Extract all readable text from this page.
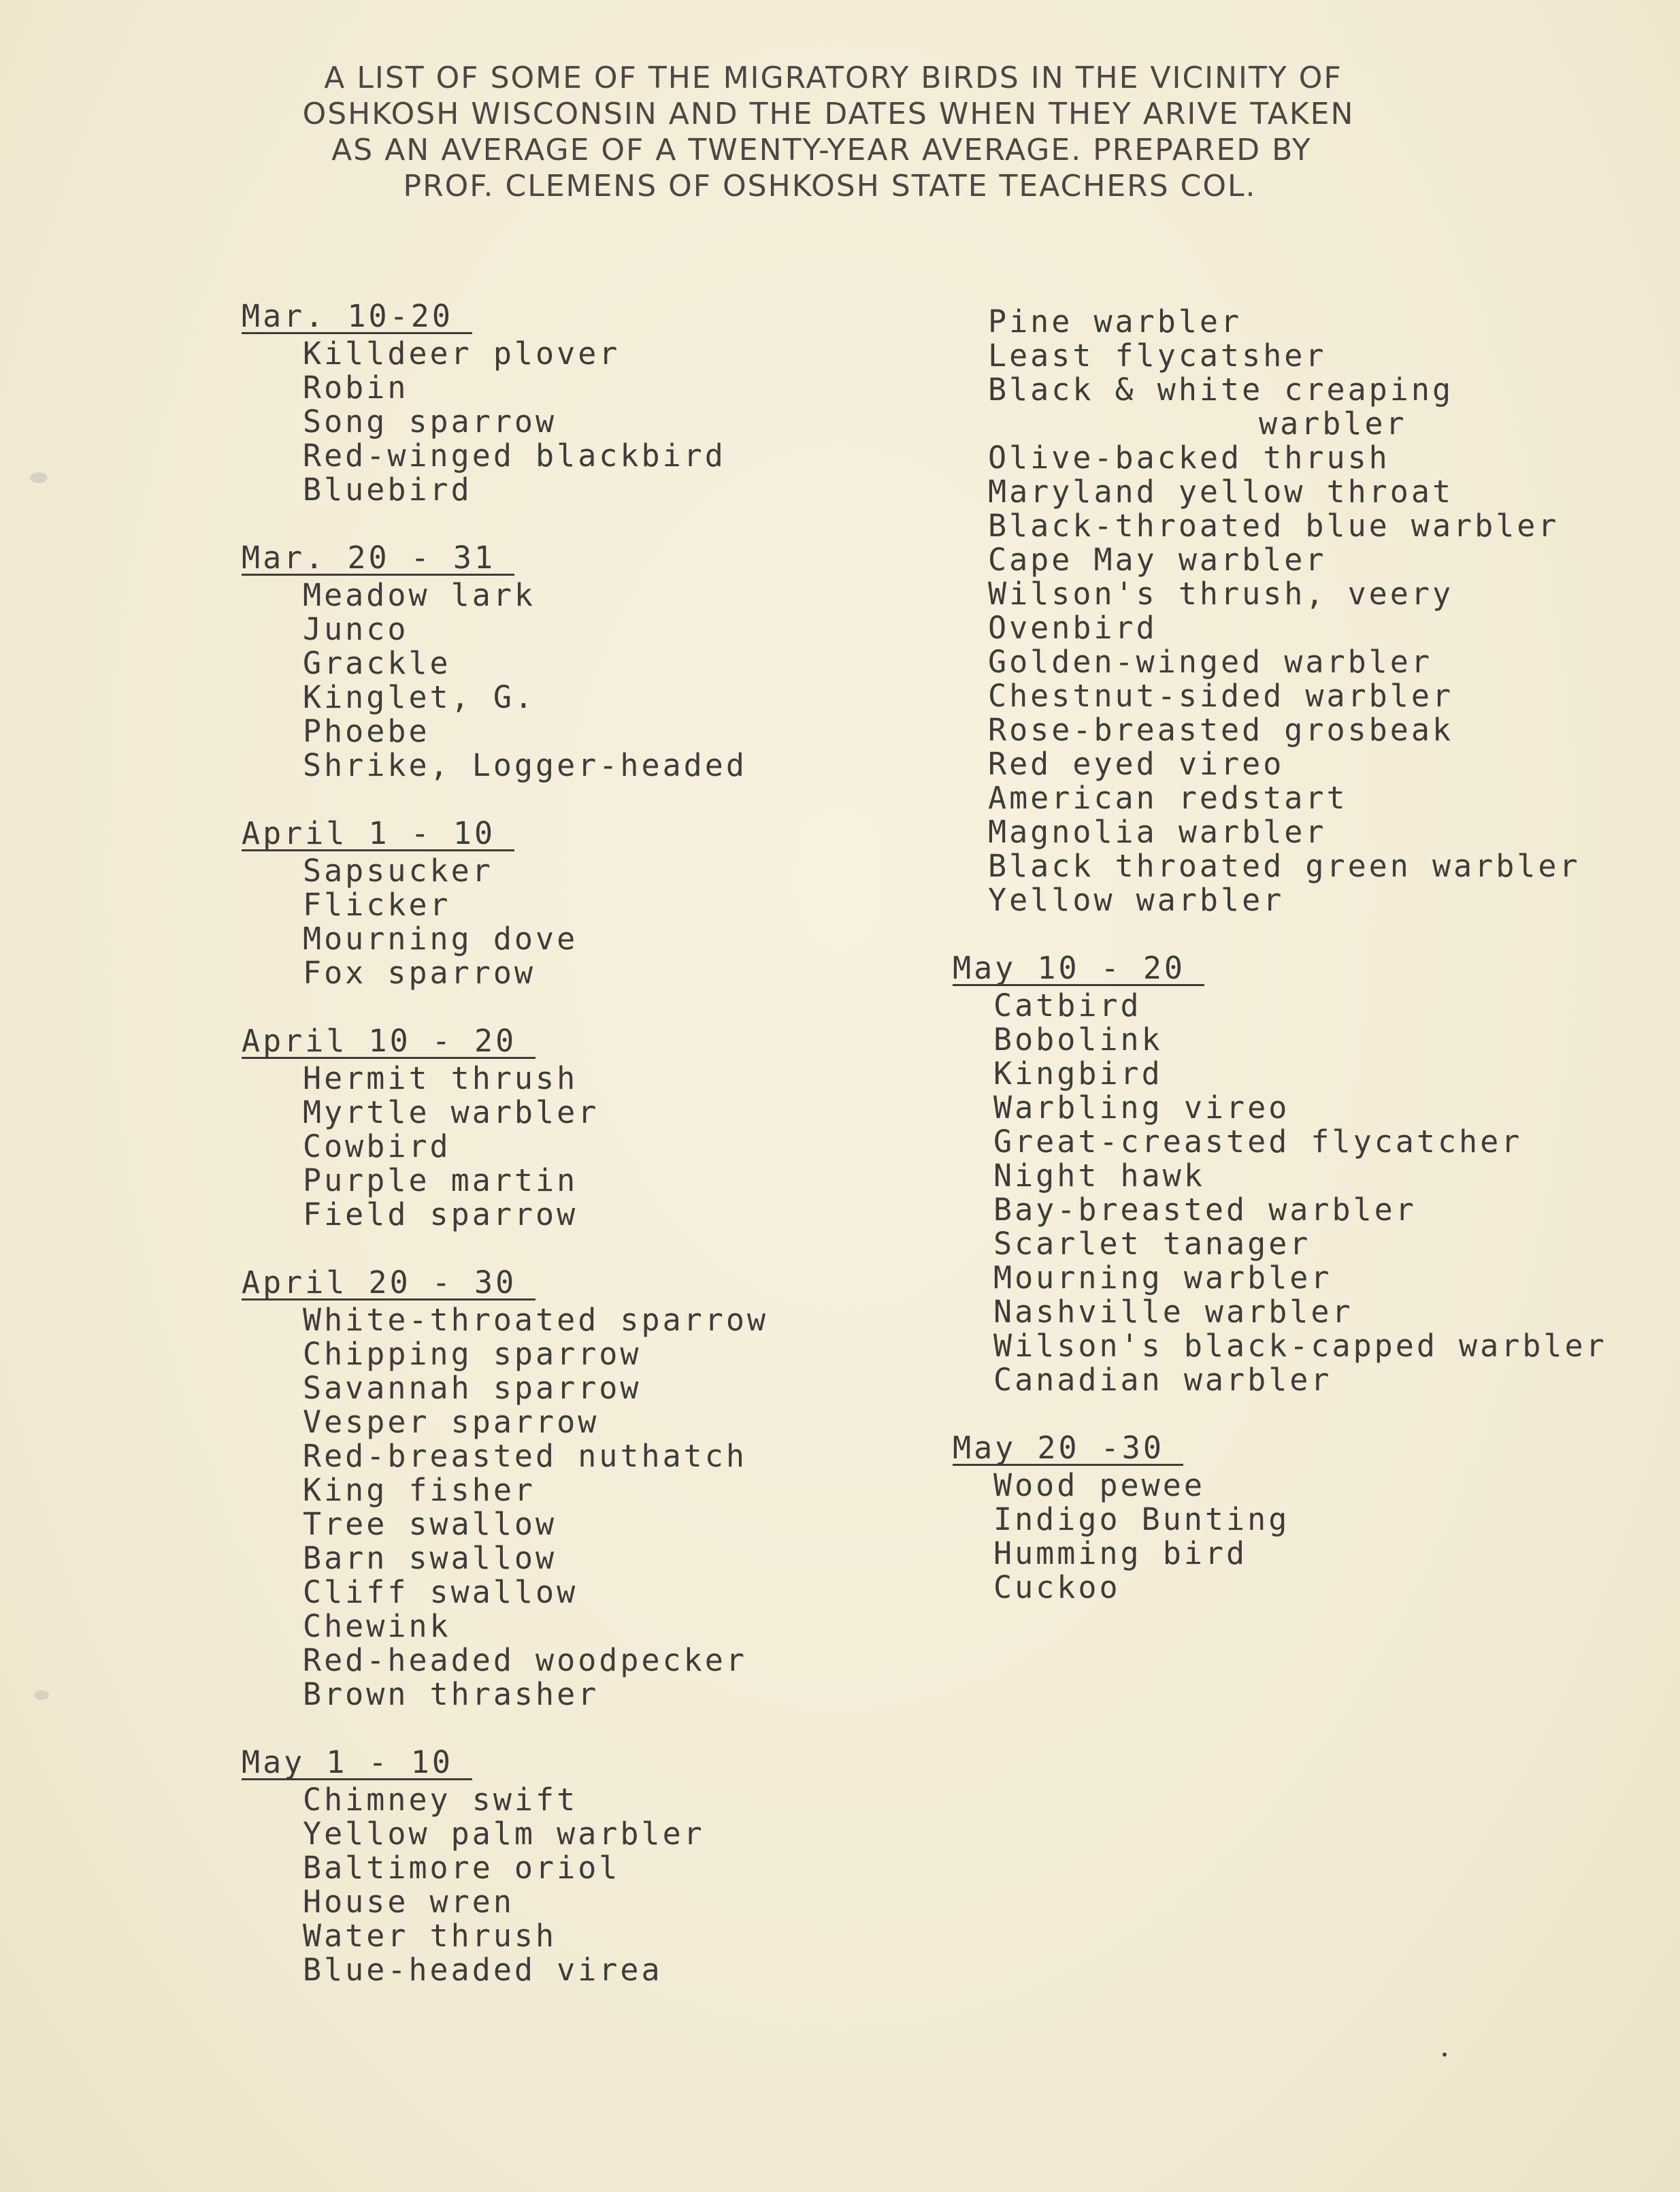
A LIST OF SOME OF THE MIGRATORY BIRDS IN THE VICINITY OF
OSHKOSH WISCONSIN AND THE DATES WHEN THEY ARIVE TAKEN
AS AN AVERAGE OF A TWENTY-YEAR AVERAGE. PREPARED BY
PROF. CLEMENS OF OSHKOSH STATE TEACHERS COL.
Mar. 10-20
Killdeer plover
Robin
Song sparrow
Red-winged blackbird
Bluebird
Mar. 20 - 31
Meadow lark
Junco
Grackle
Kinglet, G.
Phoebe
Shrike, Logger-headed
April 1 - 10
Sapsucker
Flicker
Mourning dove
Fox sparrow
April 10 - 20
Hermit thrush
Myrtle warbler
Cowbird
Purple martin
Field sparrow
April 20 - 30
White-throated sparrow
Chipping sparrow
Savannah sparrow
Vesper sparrow
Red-breasted nuthatch
King fisher
Tree swallow
Barn swallow
Cliff swallow
Chewink
Red-headed woodpecker
Brown thrasher
May 1 - 10
Chimney swift
Yellow palm warbler
Baltimore oriol
House wren
Water thrush
Blue-headed virea
Pine warbler
Least flycatsher
Black & white creaping
warbler
Olive-backed thrush
Maryland yellow throat
Black-throated blue warbler
Cape May warbler
Wilson's thrush, veery
Ovenbird
Golden-winged warbler
Chestnut-sided warbler
Rose-breasted grosbeak
Red eyed vireo
American redstart
Magnolia warbler
Black throated green warbler
Yellow warbler
May 10 - 20
Catbird
Bobolink
Kingbird
Warbling vireo
Great-creasted flycatcher
Night hawk
Bay-breasted warbler
Scarlet tanager
Mourning warbler
Nashville warbler
Wilson's black-capped warbler
Canadian warbler
May 20 -30
Wood pewee
Indigo Bunting
Humming bird
Cuckoo
